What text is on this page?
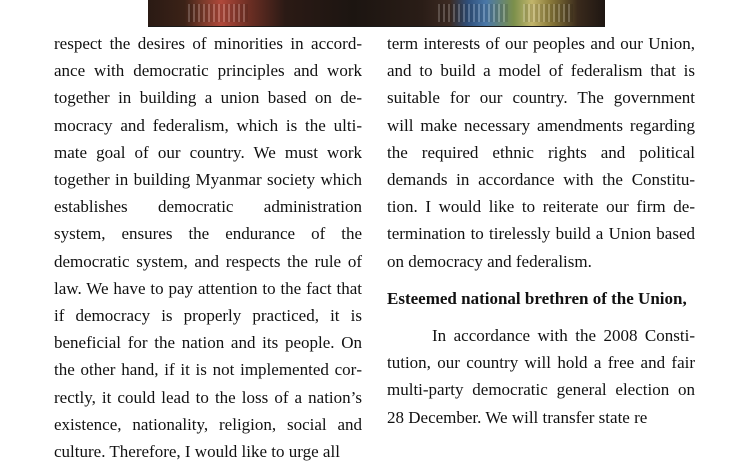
respect the desires of minorities in accordance with democratic principles and work together in building a union based on democracy and federalism, which is the ultimate goal of our country. We must work together in building Myanmar society which establishes democratic administration system, ensures the endurance of the democratic system, and respects the rule of law. We have to pay attention to the fact that if democracy is properly practiced, it is beneficial for the nation and its people. On the other hand, if it is not implemented correctly, it could lead to the loss of a nation’s existence, nationality, religion, social and culture. Therefore, I would like to urge all

term interests of our peoples and our Union, and to build a model of federalism that is suitable for our country. The government will make necessary amendments regarding the required ethnic rights and political demands in accordance with the Constitution. I would like to reiterate our firm determination to tirelessly build a Union based on democracy and federalism.

Esteemed national brethren of the Union,

In accordance with the 2008 Constitution, our country will hold a free and fair multi-party democratic general election on 28 December. We will transfer state re
